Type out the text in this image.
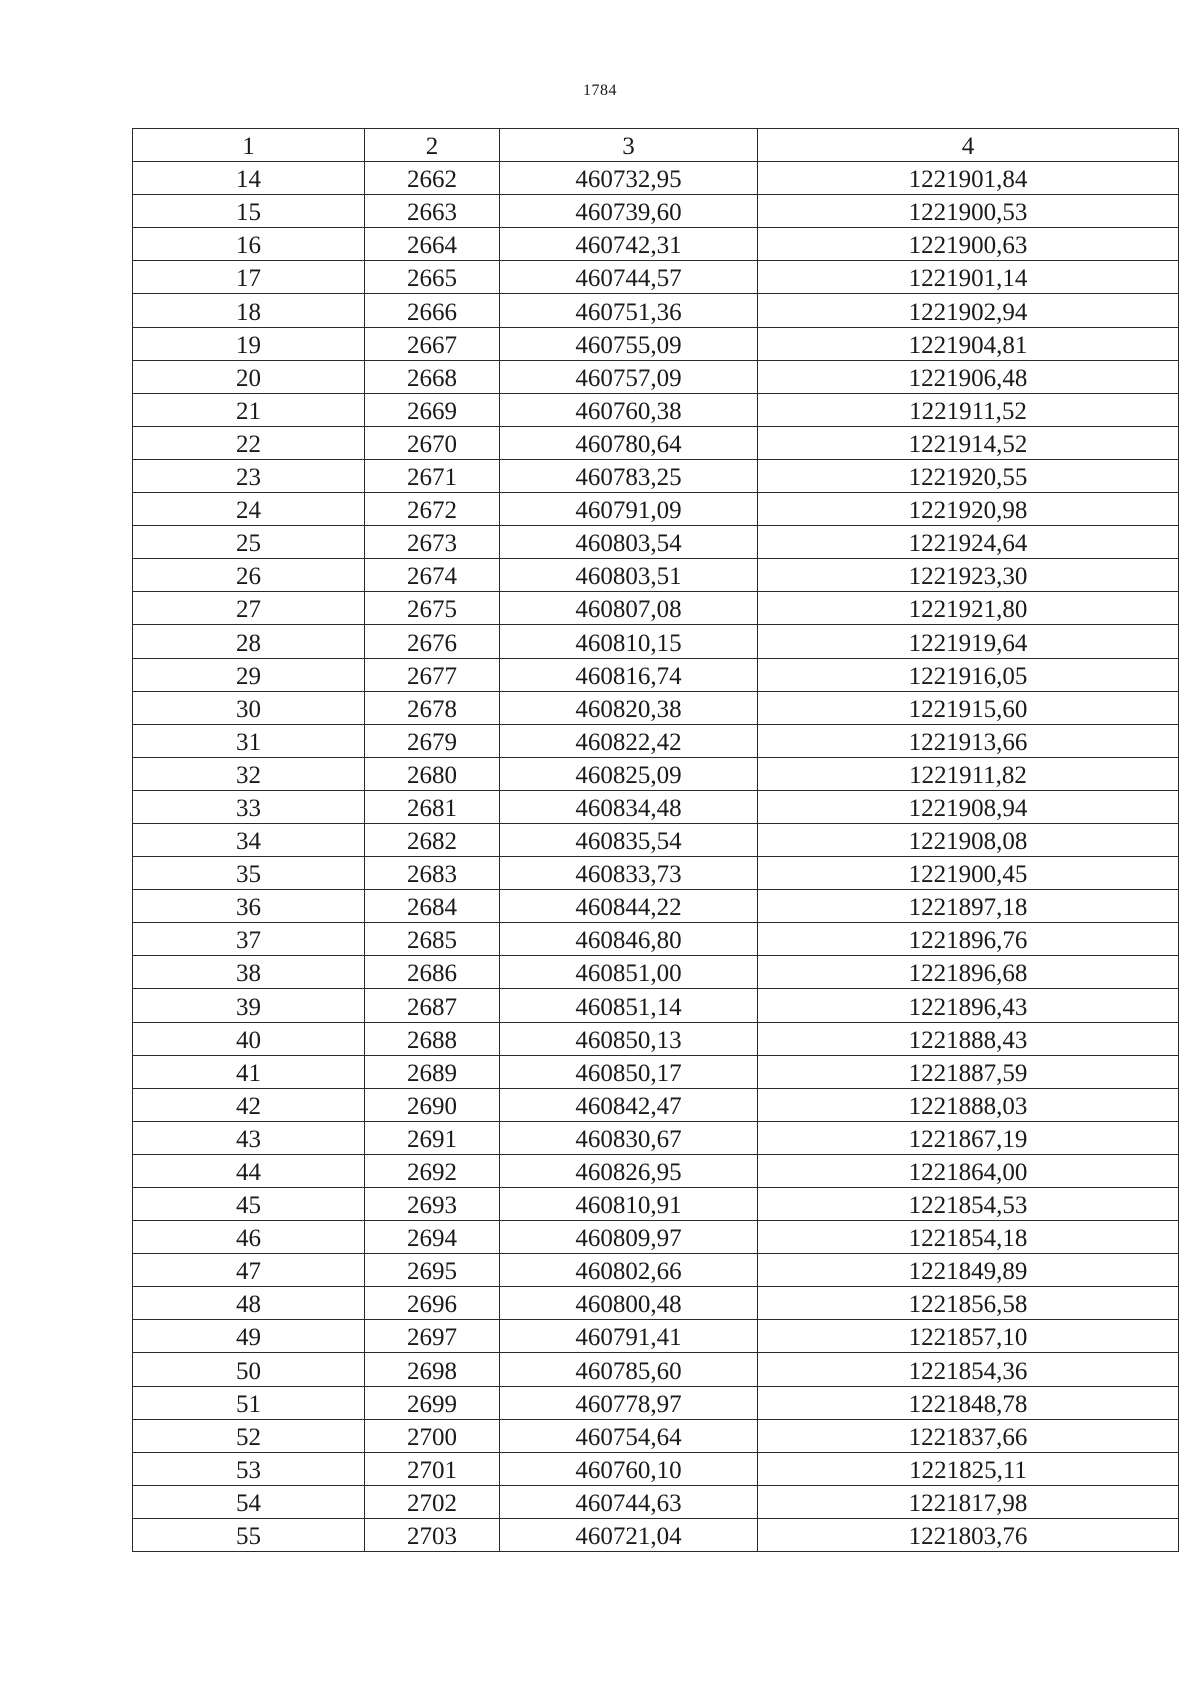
1784
1	2	3	4
14	2662	460732,95	1221901,84
15	2663	460739,60	1221900,53
16	2664	460742,31	1221900,63
17	2665	460744,57	1221901,14
18	2666	460751,36	1221902,94
19	2667	460755,09	1221904,81
20	2668	460757,09	1221906,48
21	2669	460760,38	1221911,52
22	2670	460780,64	1221914,52
23	2671	460783,25	1221920,55
24	2672	460791,09	1221920,98
25	2673	460803,54	1221924,64
26	2674	460803,51	1221923,30
27	2675	460807,08	1221921,80
28	2676	460810,15	1221919,64
29	2677	460816,74	1221916,05
30	2678	460820,38	1221915,60
31	2679	460822,42	1221913,66
32	2680	460825,09	1221911,82
33	2681	460834,48	1221908,94
34	2682	460835,54	1221908,08
35	2683	460833,73	1221900,45
36	2684	460844,22	1221897,18
37	2685	460846,80	1221896,76
38	2686	460851,00	1221896,68
39	2687	460851,14	1221896,43
40	2688	460850,13	1221888,43
41	2689	460850,17	1221887,59
42	2690	460842,47	1221888,03
43	2691	460830,67	1221867,19
44	2692	460826,95	1221864,00
45	2693	460810,91	1221854,53
46	2694	460809,97	1221854,18
47	2695	460802,66	1221849,89
48	2696	460800,48	1221856,58
49	2697	460791,41	1221857,10
50	2698	460785,60	1221854,36
51	2699	460778,97	1221848,78
52	2700	460754,64	1221837,66
53	2701	460760,10	1221825,11
54	2702	460744,63	1221817,98
55	2703	460721,04	1221803,76
